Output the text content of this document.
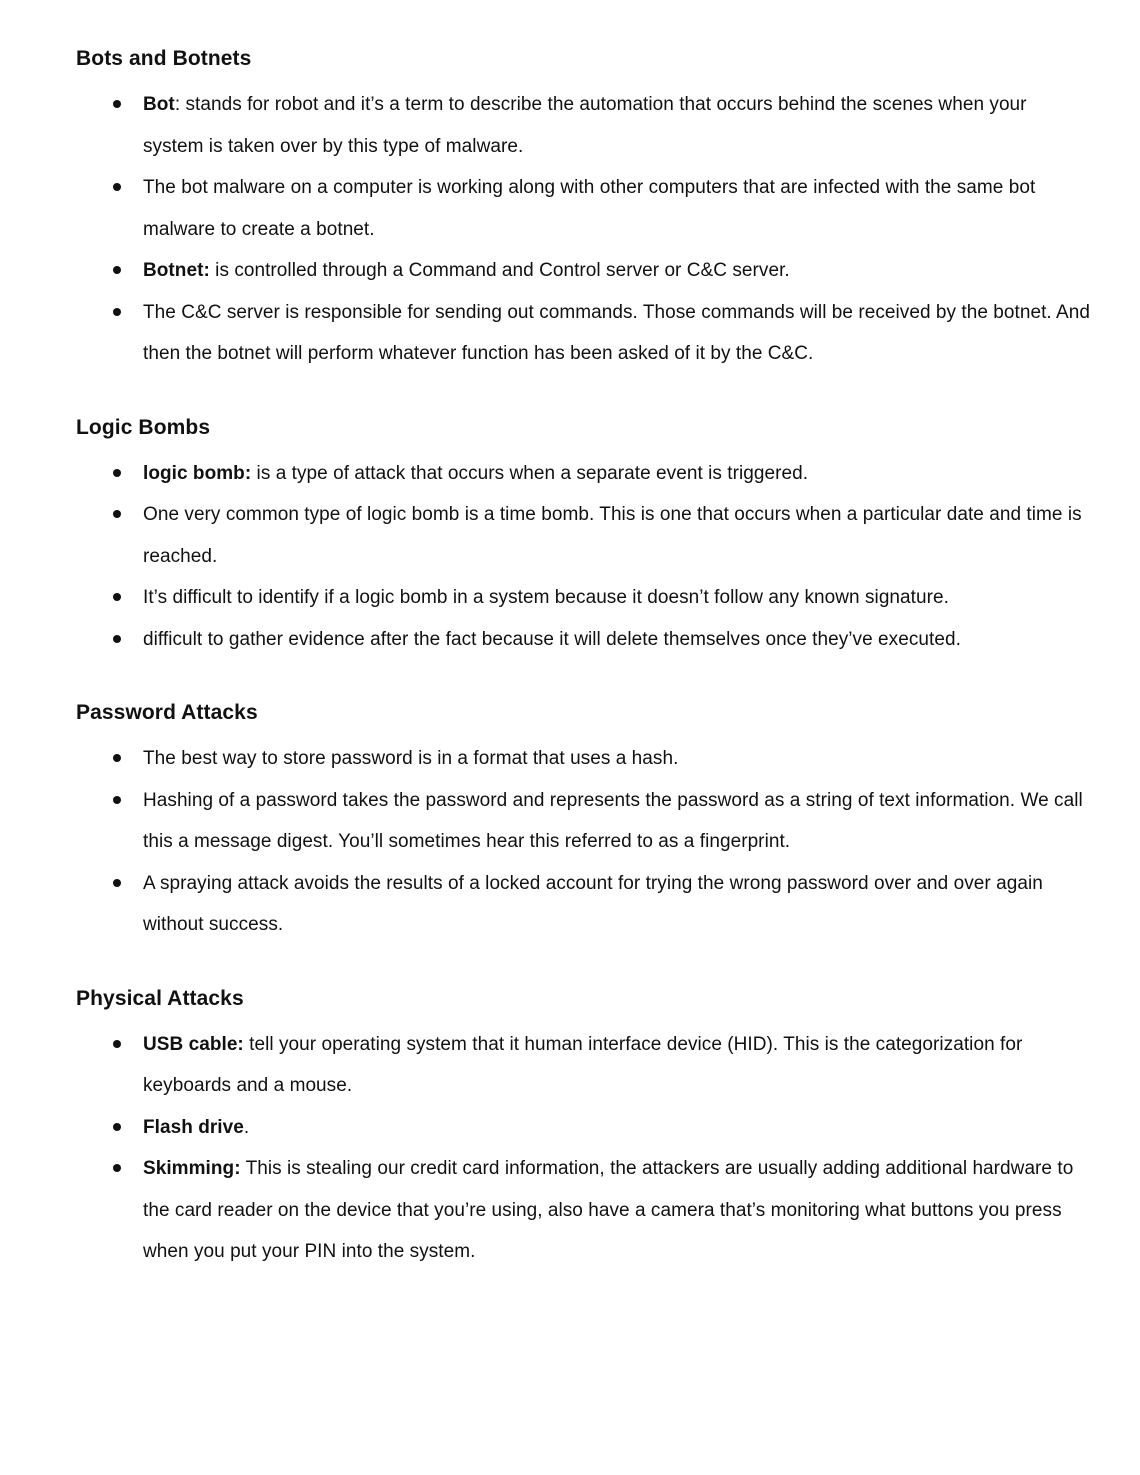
Bots and Botnets
Bot: stands for robot and it’s a term to describe the automation that occurs behind the scenes when your system is taken over by this type of malware.
The bot malware on a computer is working along with other computers that are infected with the same bot malware to create a botnet.
Botnet: is controlled through a Command and Control server or C&C server.
The C&C server is responsible for sending out commands. Those commands will be received by the botnet. And then the botnet will perform whatever function has been asked of it by the C&C.
Logic Bombs
logic bomb: is a type of attack that occurs when a separate event is triggered.
One very common type of logic bomb is a time bomb. This is one that occurs when a particular date and time is reached.
It’s difficult to identify if a logic bomb in a system because it doesn’t follow any known signature.
difficult to gather evidence after the fact because it will delete themselves once they’ve executed.
Password Attacks
The best way to store password is in a format that uses a hash.
Hashing of a password takes the password and represents the password as a string of text information. We call this a message digest. You’ll sometimes hear this referred to as a fingerprint.
A spraying attack avoids the results of a locked account for trying the wrong password over and over again without success.
Physical Attacks
USB cable: tell your operating system that it human interface device (HID). This is the categorization for keyboards and a mouse.
Flash drive.
Skimming: This is stealing our credit card information, the attackers are usually adding additional hardware to the card reader on the device that you’re using, also have a camera that’s monitoring what buttons you press when you put your PIN into the system.
